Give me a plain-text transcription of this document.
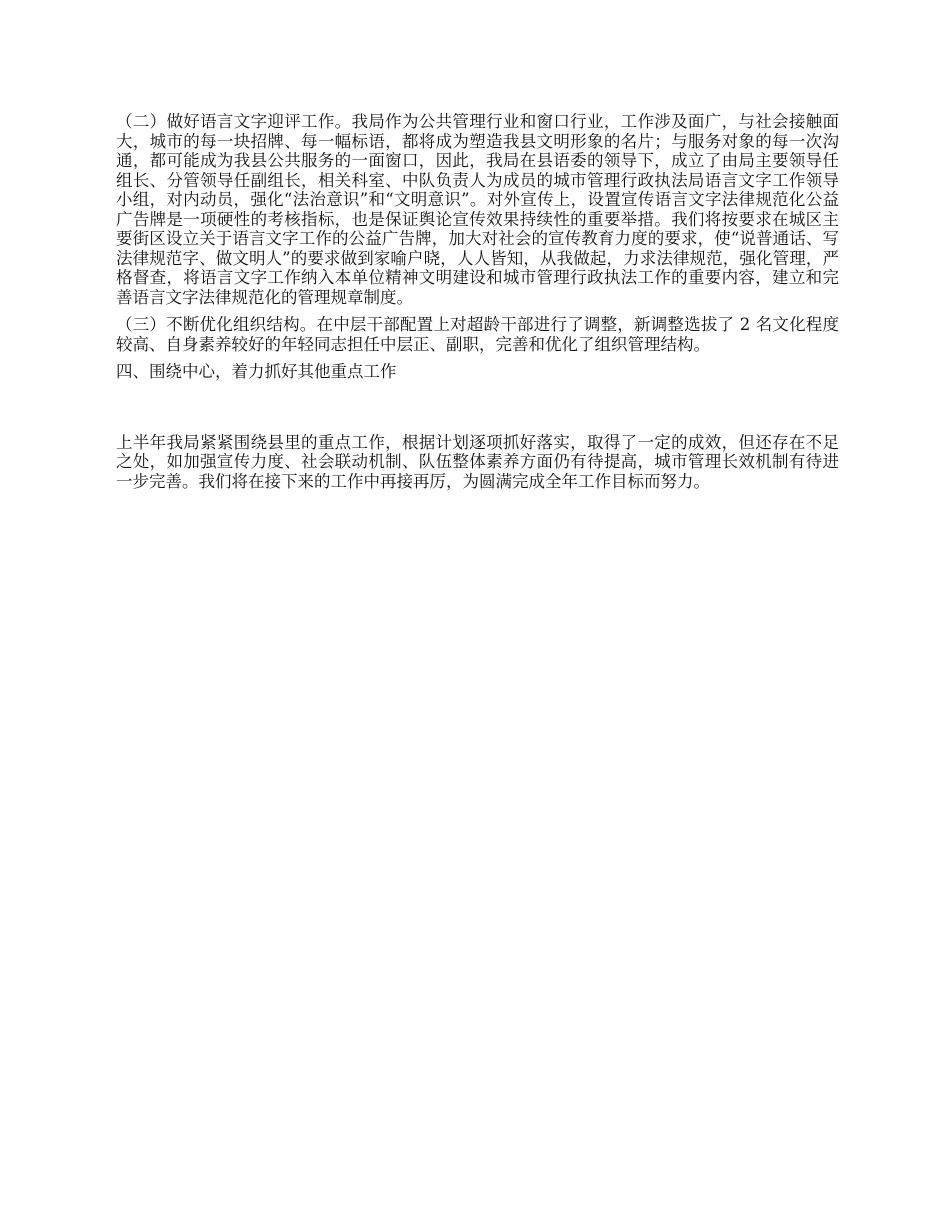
（二）做好语言文字迎评工作。我局作为公共管理行业和窗口行业，工作涉及面广，与社会接触面大，城市的每一块招牌、每一幅标语，都将成为塑造我县文明形象的名片；与服务对象的每一次沟通，都可能成为我县公共服务的一面窗口，因此，我局在县语委的领导下，成立了由局主要领导任组长、分管领导任副组长，相关科室、中队负责人为成员的城市管理行政执法局语言文字工作领导小组，对内动员，强化“法治意识”和“文明意识”。对外宣传上，设置宣传语言文字法律规范化公益广告牌是一项硬性的考核指标，也是保证舆论宣传效果持续性的重要举措。我们将按要求在城区主要街区设立关于语言文字工作的公益广告牌，加大对社会的宣传教育力度的要求，使“说普通话、写法律规范字、做文明人”的要求做到家喻户晓，人人皆知，从我做起，力求法律规范，强化管理，严格督查，将语言文字工作纳入本单位精神文明建设和城市管理行政执法工作的重要内容，建立和完善语言文字法律规范化的管理规章制度。

（三）不断优化组织结构。在中层干部配置上对超龄干部进行了调整，新调整选拔了 2 名文化程度较高、自身素养较好的年轻同志担任中层正、副职，完善和优化了组织管理结构。

四、围绕中心，着力抓好其他重点工作

上半年我局紧紧围绕县里的重点工作，根据计划逐项抓好落实，取得了一定的成效，但还存在不足之处，如加强宣传力度、社会联动机制、队伍整体素养方面仍有待提高，城市管理长效机制有待进一步完善。我们将在接下来的工作中再接再厉，为圆满完成全年工作目标而努力。
